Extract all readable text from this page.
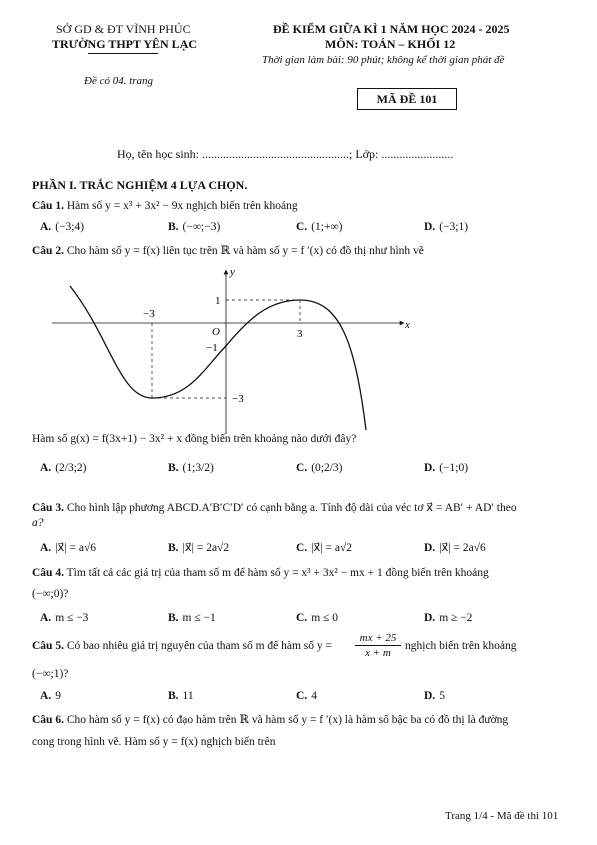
SỞ GD & ĐT VĨNH PHÚC
TRƯỜNG THPT YÊN LẠC
Đề có 04. trang
ĐỀ KIỂM GIỮA KÌ 1 NĂM HỌC 2024 - 2025
MÔN: TOÁN – KHỐI 12
Thời gian làm bài: 90 phút; không kể thời gian phát đề
MÃ ĐỀ 101
Họ, tên học sinh: .................................................; Lớp: ........................
PHẦN I. TRẮC NGHIỆM 4 LỰA CHỌN.
Câu 1. Hàm số y = x³ + 3x² − 9x nghịch biến trên khoảng
A. (−3;4)	B. (−∞;−3)	C. (1;+∞)	D. (−3;1)
Câu 2. Cho hàm số y = f(x) liên tục trên ℝ và hàm số y = f ′(x) có đồ thị như hình vẽ
y
x
O
−3
3
1
−1
−3
Hàm số g(x) = f(3x+1) − 3x² + x đồng biến trên khoảng nào dưới đây?
A. (2/3;2)	B. (1;3/2)	C. (0;2/3)	D. (−1;0)
Câu 3. Cho hình lập phương ABCD.A′B′C′D′ có cạnh bằng a. Tính độ dài của véc tơ x⃗ = AB′ + AD′ theo
a?
A. |x⃗| = a√6	B. |x⃗| = 2a√2	C. |x⃗| = a√2	D. |x⃗| = 2a√6
Câu 4. Tìm tất cả các giá trị của tham số m để hàm số y = x³ + 3x² − mx + 1 đồng biến trên khoảng
(−∞;0)?
A. m ≤ −3	B. m ≤ −1	C. m ≤ 0	D. m ≥ −2
Câu 5. Có bao nhiêu giá trị nguyên của tham số m để hàm số $y = \frac{mx + 25}{x + m}$ nghịch biến trên khoảng
(−∞;1)?
A. 9	B. 11	C. 4	D. 5
Câu 6. Cho hàm số y = f(x) có đạo hàm trên ℝ và hàm số y = f ′(x) là hàm số bậc ba có đồ thị là đường
cong trong hình vẽ. Hàm số y = f(x) nghịch biến trên
Trang 1/4 - Mã đề thi 101
